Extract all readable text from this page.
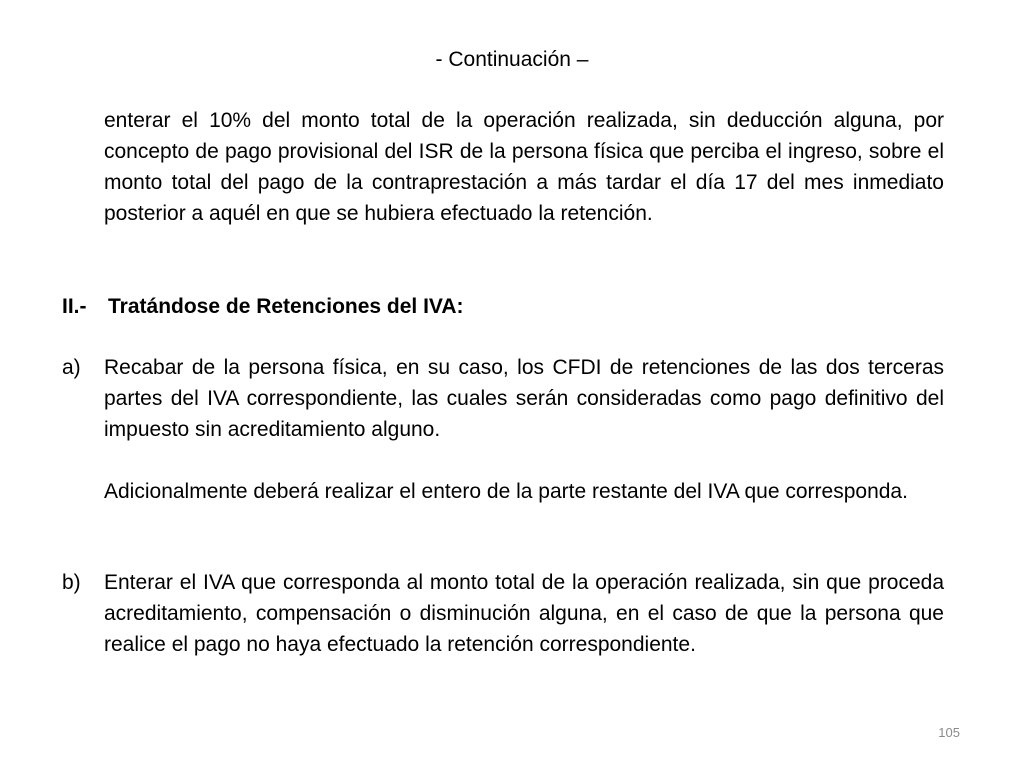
- Continuación –

enterar el 10% del monto total de la operación realizada, sin deducción alguna, por concepto de pago provisional del ISR de la persona física que perciba el ingreso, sobre el monto total del pago de la contraprestación a más tardar el día 17 del mes inmediato posterior a aquél en que se hubiera efectuado la retención.

II.- Tratándose de Retenciones del IVA:
a) Recabar de la persona física, en su caso, los CFDI de retenciones de las dos terceras partes del IVA correspondiente, las cuales serán consideradas como pago definitivo del impuesto sin acreditamiento alguno.

Adicionalmente deberá realizar el entero de la parte restante del IVA que corresponda.

b) Enterar el IVA que corresponda al monto total de la operación realizada, sin que proceda acreditamiento, compensación o disminución alguna, en el caso de que la persona que realice el pago no haya efectuado la retención correspondiente.

105
